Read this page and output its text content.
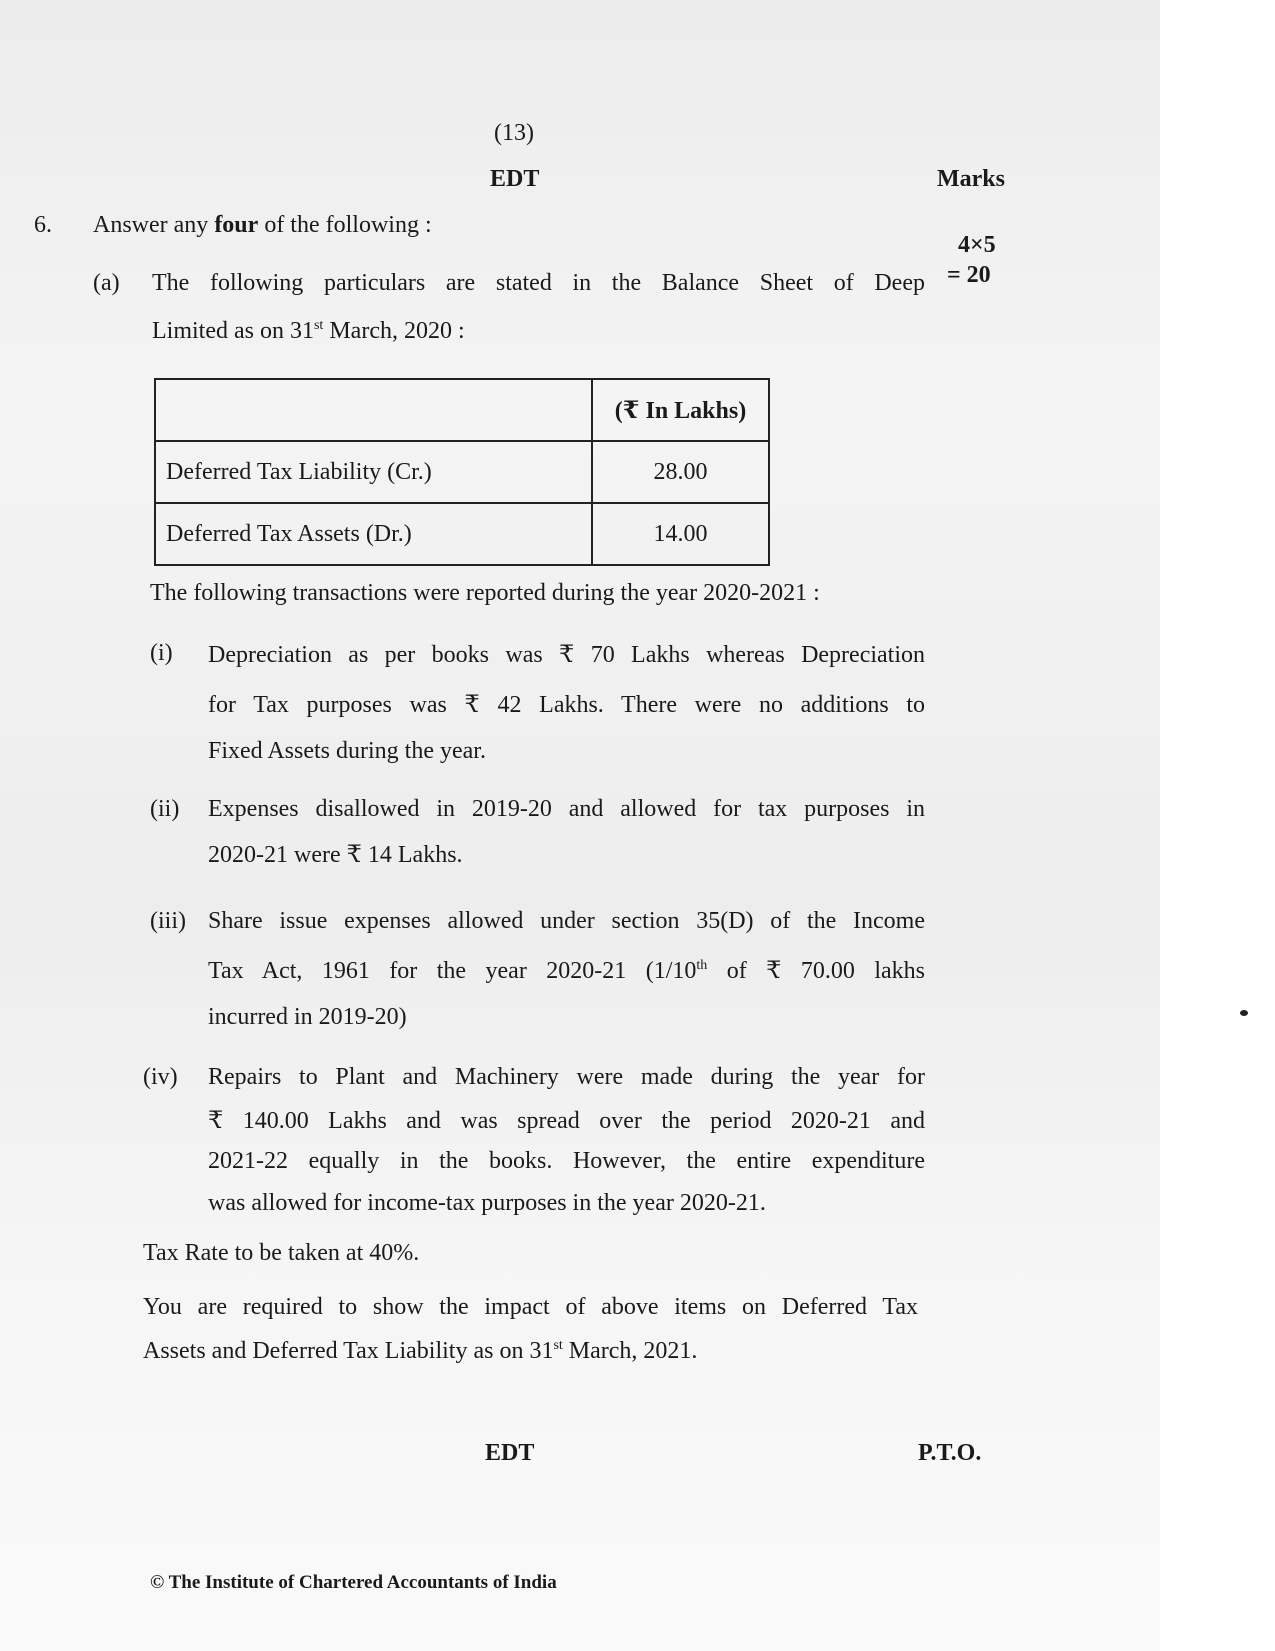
(13)
EDT	Marks
6. Answer any four of the following :
4×5
= 20
(a) The following particulars are stated in the Balance Sheet of Deep
Limited as on 31st March, 2020 :
	(₹ In Lakhs)
Deferred Tax Liability (Cr.)	28.00
Deferred Tax Assets (Dr.)	14.00
The following transactions were reported during the year 2020-2021 :
(i) Depreciation as per books was ₹ 70 Lakhs whereas Depreciation
for Tax purposes was ₹ 42 Lakhs. There were no additions to
Fixed Assets during the year.
(ii) Expenses disallowed in 2019-20 and allowed for tax purposes in
2020-21 were ₹ 14 Lakhs.
(iii) Share issue expenses allowed under section 35(D) of the Income
Tax Act, 1961 for the year 2020-21 (1/10th of ₹ 70.00 lakhs
incurred in 2019-20)
(iv) Repairs to Plant and Machinery were made during the year for
₹ 140.00 Lakhs and was spread over the period 2020-21 and
2021-22 equally in the books. However, the entire expenditure
was allowed for income-tax purposes in the year 2020-21.
Tax Rate to be taken at 40%.
You are required to show the impact of above items on Deferred Tax
Assets and Deferred Tax Liability as on 31st March, 2021.
EDT	P.T.O.
© The Institute of Chartered Accountants of India
